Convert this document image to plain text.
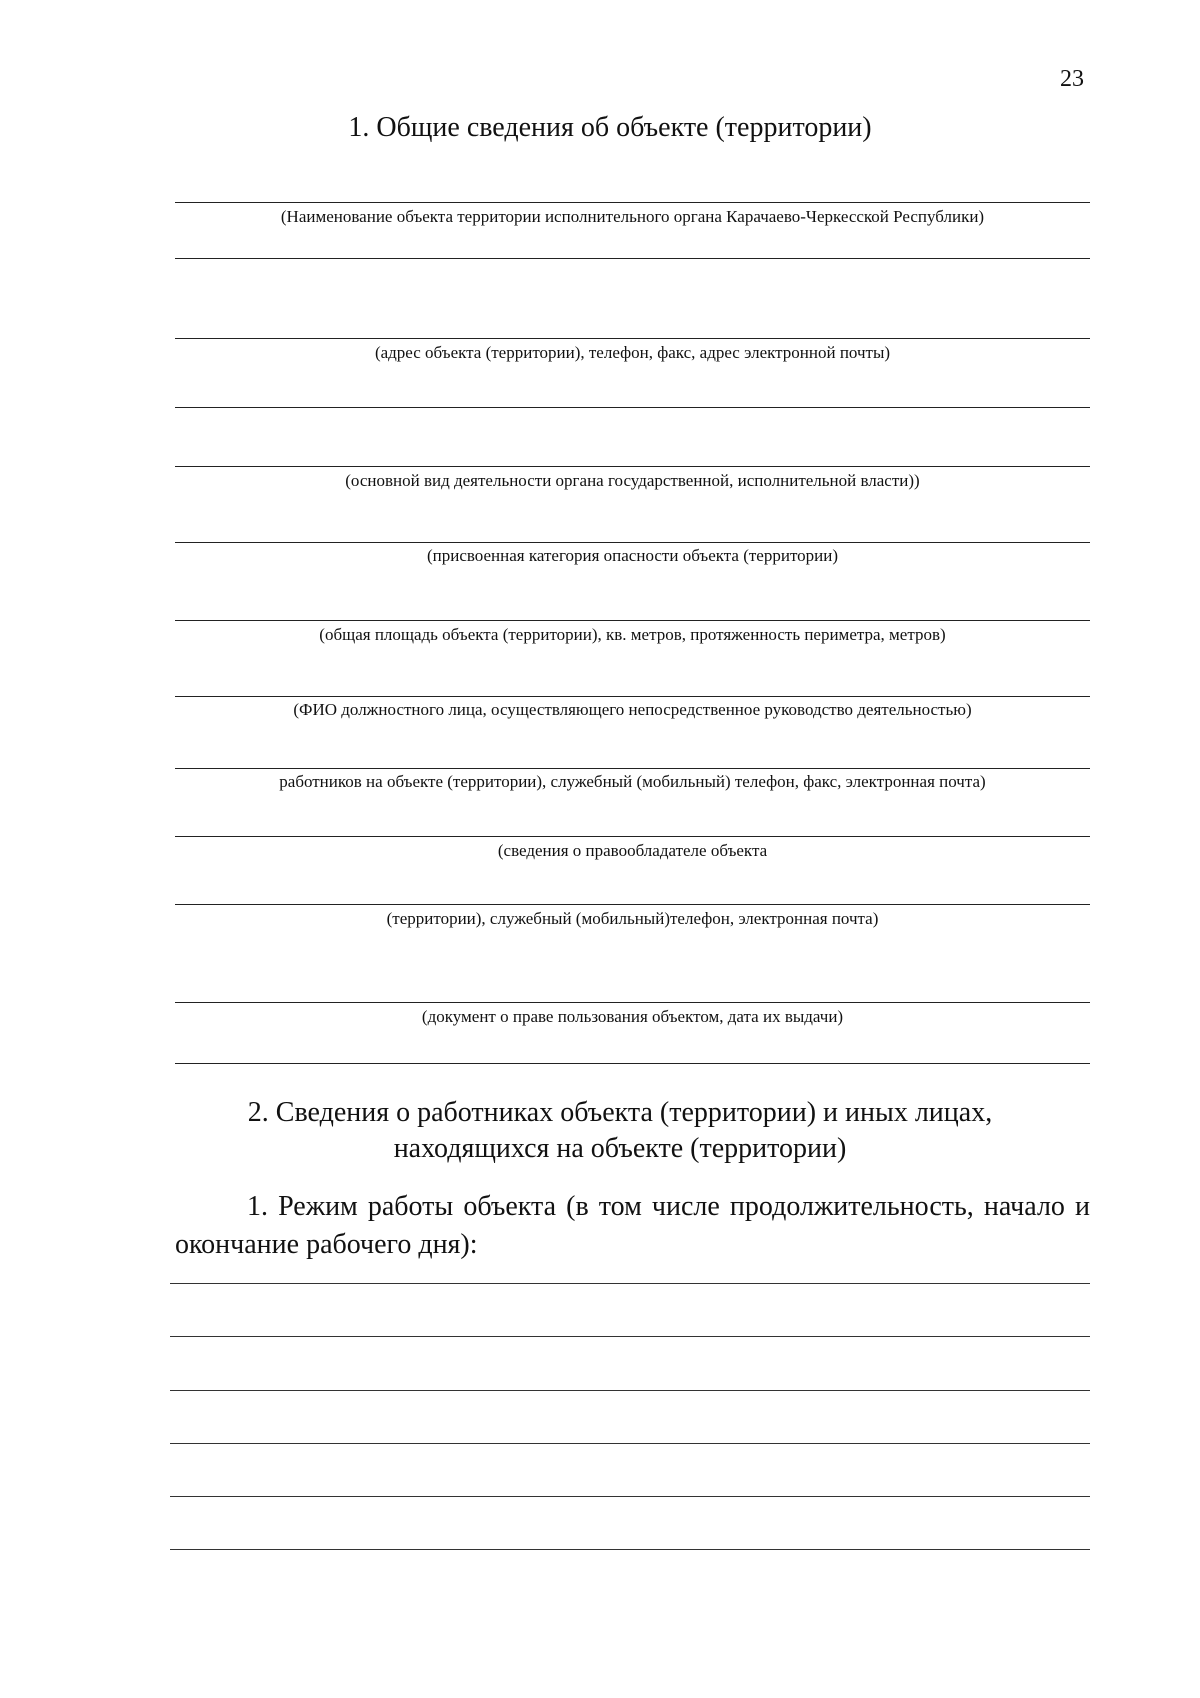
23
1. Общие сведения об объекте (территории)
(Наименование объекта территории исполнительного органа Карачаево-Черкесской Республики)
(адрес объекта (территории), телефон, факс, адрес электронной почты)
(основной вид деятельности органа государственной, исполнительной власти))
(присвоенная категория опасности объекта (территории)
(общая площадь объекта (территории), кв. метров, протяженность периметра, метров)
(ФИО должностного лица, осуществляющего непосредственное руководство деятельностью)
работников на объекте (территории), служебный (мобильный) телефон, факс, электронная почта)
(сведения о правообладателе объекта
(территории), служебный (мобильный)телефон, электронная почта)
(документ о праве пользования объектом, дата их выдачи)
2. Сведения о работниках объекта (территории) и иных лицах,
находящихся на объекте (территории)
1. Режим работы объекта (в том числе продолжительность, начало и
окончание рабочего дня):
